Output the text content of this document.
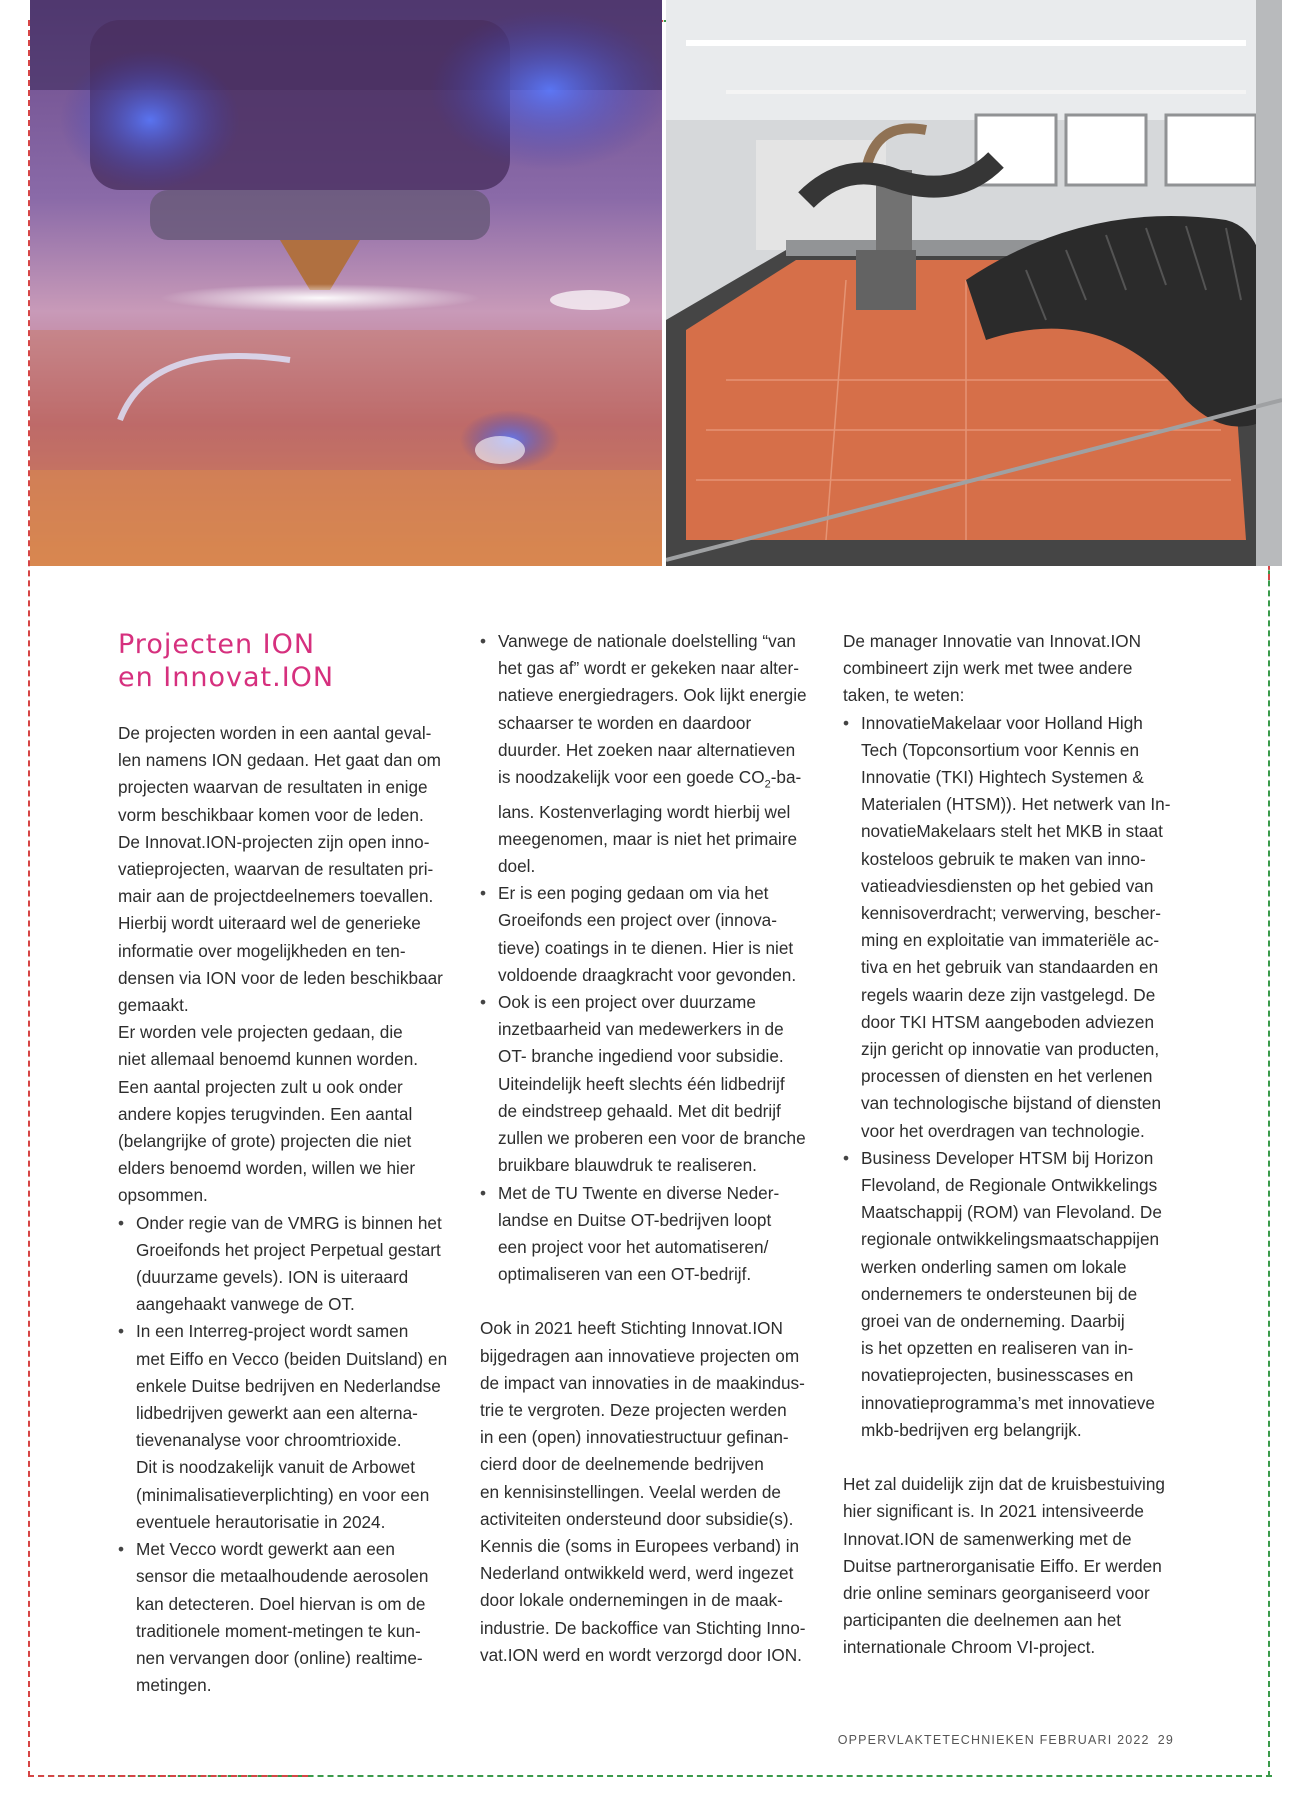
Projecten ION
en Innovat.ION

De projecten worden in een aantal geval-
len namens ION gedaan. Het gaat dan om
projecten waarvan de resultaten in enige
vorm beschikbaar komen voor de leden.
De Innovat.ION-projecten zijn open inno-
vatieprojecten, waarvan de resultaten pri-
mair aan de projectdeelnemers toevallen.
Hierbij wordt uiteraard wel de generieke
informatie over mogelijkheden en ten-
densen via ION voor de leden beschikbaar
gemaakt.
Er worden vele projecten gedaan, die
niet allemaal benoemd kunnen worden.
Een aantal projecten zult u ook onder
andere kopjes terugvinden. Een aantal
(belangrijke of grote) projecten die niet
elders benoemd worden, willen we hier
opsommen.

• Onder regie van de VMRG is binnen het
Groeifonds het project Perpetual gestart
(duurzame gevels). ION is uiteraard
aangehaakt vanwege de OT.
• In een Interreg-project wordt samen
met Eiffo en Vecco (beiden Duitsland) en
enkele Duitse bedrijven en Nederlandse
lidbedrijven gewerkt aan een alterna-
tievenanalyse voor chroomtrioxide.
Dit is noodzakelijk vanuit de Arbowet
(minimalisatieverplichting) en voor een
eventuele herautorisatie in 2024.
• Met Vecco wordt gewerkt aan een
sensor die metaalhoudende aerosolen
kan detecteren. Doel hiervan is om de
traditionele moment-metingen te kun-
nen vervangen door (online) realtime-
metingen.
• Vanwege de nationale doelstelling “van
het gas af” wordt er gekeken naar alter-
natieve energiedragers. Ook lijkt energie
schaarser te worden en daardoor
duurder. Het zoeken naar alternatieven
is noodzakelijk voor een goede $CO_2-ba-$
lans. Kostenverlaging wordt hierbij wel
meegenomen, maar is niet het primaire
doel.
• Er is een poging gedaan om via het
Groeifonds een project over (innova-
tieve) coatings in te dienen. Hier is niet
voldoende draagkracht voor gevonden.
• Ook is een project over duurzame
inzetbaarheid van medewerkers in de
OT- branche ingediend voor subsidie.
Uiteindelijk heeft slechts één lidbedrijf
de eindstreep gehaald. Met dit bedrijf
zullen we proberen een voor de branche
bruikbare blauwdruk te realiseren.
• Met de TU Twente en diverse Neder-
landse en Duitse OT-bedrijven loopt
een project voor het automatiseren/
optimaliseren van een OT-bedrijf.

Ook in 2021 heeft Stichting Innovat.ION
bijgedragen aan innovatieve projecten om
de impact van innovaties in de maakindus-
trie te vergroten. Deze projecten werden
in een (open) innovatiestructuur gefinan-
cierd door de deelnemende bedrijven
en kennisinstellingen. Veelal werden de
activiteiten ondersteund door subsidie(s).
Kennis die (soms in Europees verband) in
Nederland ontwikkeld werd, werd ingezet
door lokale ondernemingen in de maak-
industrie. De backoffice van Stichting Inno-
vat.ION werd en wordt verzorgd door ION.

De manager Innovatie van Innovat.ION
combineert zijn werk met twee andere
taken, te weten:

• InnovatieMakelaar voor Holland High
Tech (Topconsortium voor Kennis en
Innovatie (TKI) Hightech Systemen &
Materialen (HTSM)). Het netwerk van In-
novatieMakelaars stelt het MKB in staat
kosteloos gebruik te maken van inno-
vatieadviesdiensten op het gebied van
kennisoverdracht; verwerving, bescher-
ming en exploitatie van immateriële ac-
tiva en het gebruik van standaarden en
regels waarin deze zijn vastgelegd. De
door TKI HTSM aangeboden adviezen
zijn gericht op innovatie van producten,
processen of diensten en het verlenen
van technologische bijstand of diensten
voor het overdragen van technologie.
• Business Developer HTSM bij Horizon
Flevoland, de Regionale Ontwikkelings
Maatschappij (ROM) van Flevoland. De
regionale ontwikkelingsmaatschappijen
werken onderling samen om lokale
ondernemers te ondersteunen bij de
groei van de onderneming. Daarbij
is het opzetten en realiseren van in-
novatieprojecten, businesscases en
innovatieprogramma’s met innovatieve
mkb-bedrijven erg belangrijk.

Het zal duidelijk zijn dat de kruisbestuiving
hier significant is. In 2021 intensiveerde
Innovat.ION de samenwerking met de
Duitse partnerorganisatie Eiffo. Er werden
drie online seminars georganiseerd voor
participanten die deelnemen aan het
internationale Chroom VI-project.

OPPERVLAKTETECHNIEKEN FEBRUARI 2022 29
